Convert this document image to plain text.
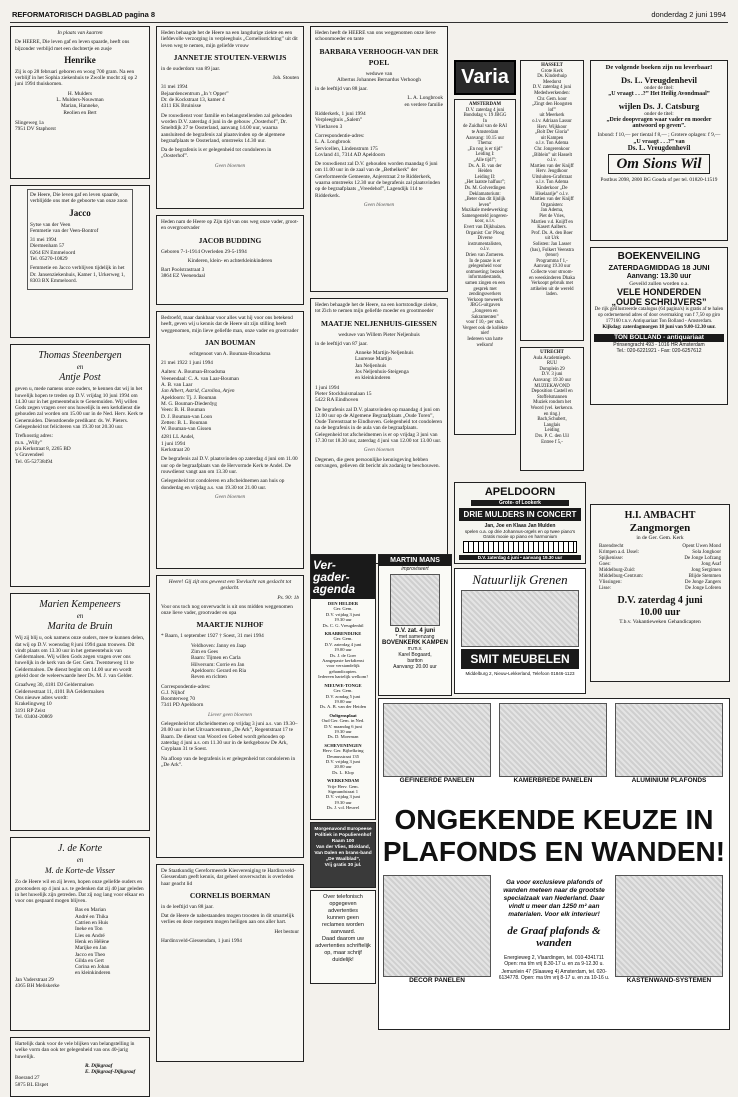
REFORMATORISCH DAGBLAD pagina 8	donderdag 2 juni 1994

In plaats van kaarten

De HEERE, Die leven gaf en leven spaarde, heeft ons bijzonder verblijd met een dochtertje en zusje

Henrike

Zij is op 28 februari geboren en woog 700 gram. Na een verblijf in het Sophia ziekenhuis te Zwolle mocht zij op 2 juni 1994 thuiskomen.

H. Mulders
L. Mulders-Nouwman
Marian, Hanneke,
Reolien en Bert

Slingeweg 1a
7951 DV Staphorst

De Heere, Die leven gaf en leven spaarde, verblijdde ons met de geboorte van onze zoon

Jacco

Sytse van der Veen
Femmetie van der Veen-Bontrof

31 mei 1994
Diermenham 57
6264 EN Emmeloord
Tel. 05270-10829

Femmetie en Jacco verblijven tijdelijk in het Dr. Jansenziekenhuis, Kamer 1, Urkerweg 1, 8303 BX Emmeloord.

Thomas Steenbergen
en
Antje Post

geven u, mede namens onze ouders, te kennen dat wij in het huwelijk hopen te treden op D.V. vrijdag 10 juni 1994 om 14.30 uur in het gemeentehuis te Genemuiden. Wij willen Gods zegen vragen over ons huwelijk in een kerkdienst die gehouden zal worden om 15.00 uur in de Ned. Herv. Kerk te Genemuiden. Dienstdoende predikant: ds. W. Pieters. Gelegenheid tot feliciteren van 19.30 tot 20.30 uur.

Trefkosstig adres:
m.n. „Willy”
p/a Kerkstraat 8, 2265 BD
's Gravendeel
Tel. 05-52738494

Marien Kempeneers
en
Marita de Bruin

Wij zij blij u, ook namens onze ouders, mee te kunnen delen, dat wij op D.V. woensdag 8 juni 1994 gaan trouwen. Dit vindt plaats om 13.30 uur in het gemeentehuis van Geldermalsen. Wij willen Gods zegen vragen over ons huwelijk in de kerk van de Ger. Gem. Twentseweg 11 te Geldermalsen. De dienst begint om 14.00 uur en wordt geleid door de weleerwaarde heer Ds. M. J. van Gelder.

Graafweg 30, 4181 DJ Geldermalsen
Geldersestraat 11, 4101 BA Geldermalsen
Ons nieuwe adres wordt:
Krakelingweg 10
3191 RP Zeist
Tel. 03404-20869

J. de Korte
en
M. de Korte-de Visser

Zo de Heere wil en zij leven, hopen onze geliefde ouders en grootouders op 4 juni a.s. te gedenken dat zij 40 jaar geleden in het huwelijk zijn getreden. Dat zij nog lang voor elkaar en voor ons gespaard mogen blijven.

Bas en Marian
André en Thika
Catrien en Huis
Ineke en Ton
Lies en André
Henk en Hélène
Marijke en Jan
Jacco en Theo
Gilda en Gert
Corina en Johan
en kleinkinderen

Jan Vaderstraat 29
4365 BH Meliskerke

Hartelijk dank voor de vele blijken van belangstelling in welke vorm dan ook ter gelegenheid van ons 40-jarig huwelijk.

R. Dijkgraaf
E. Dijkgraaf-Dijkgraaf

Boerand 27
5875 BL Elspet

Heden behaagde het de Heere na een langdurige ziekte en een liefdevolle verzorging in verpleeghuis „Cornelisstichting” uit dit leven weg te nemen, mijn geliefde vrouw

JANNETJE STOUTEN-VERWIJS

in de ouderdom van 89 jaar.

Joh. Stouten

31 mei 1994
Bejaardencentrum „In 't Opper”
Dr. de Kockstraat 13, kamer 4
4311 EK Bruinisse

De rouwdienst voor familie en belangstellenden zal gehouden worden D.V. zaterdag 4 juni in de gebouw „Oosterhof”, Dr. Smeltdijk 27 te Oosterland, aanvang 14.00 uur, waarna aansluitend de begrafenis zal plaatsvinden op de algemene begraafplaats te Oosterland, omstreeks 14.30 uur.

Da de begrafenis is er gelegenheid tot condoleren in „Oosterhof”.

Geen bloemen

Heden nam de Heere op Zijn tijd van ons weg onze vader, groot- en overgrootvader

JACOB BUDDING

Geboren 7-1-1914 Overleden 29-5-1994

Kinderen, klein- en achterkleinkinderen

Bart Poolstrastraat 3
3864 EZ Veenendaal

Bedroefd, maar dankbaar voor alles wat hij voor ons betekend heeft, geven wij u kennis dat de Heere uit zijn stilling heeft weggenomen, mijn lieve geliefde man, onze vader en grootvader

JAN BOUMAN

echtgenoot van A. Bouman-Broadsma

21 mei 1922 1 juni 1994

Aalten: A. Bouman-Broadsma
Veenendaal: C. A. van Laar-Bouman
A. B. van Laar
Jan Albert, Astrid, Carolina, Arjen
Apeldoorn: Tj. J. Bouman
M. G. Bouman-Diederdyg
Veen: B. H. Bouman
D. J. Bouman-van Loon
Zetten: B. L. Bouman
W. Bouman-van Gissen

4281 LL Andel,
1 juni 1994
Kerkstraat 20

De begrafenis zal D.V. plaatsvinden op zaterdag 4 juni om 11.00 uur op de begraafplaats van de Hervormde Kerk te Andel. De rouwdienst vangt aan om 13.30 uur.

Gelegenheid tot condoleren en afscheidnemen aan huis op donderdag en vrijdag a.s. van 19.30 tot 21.00 uur.

Geen bloemen

Heere! Gij zijt ons geweest een Toevlucht van geslacht tot geslacht.

Ps. 90: 1b

Voor ons toch nog onverwacht is uit ons midden weggenomen onze lieve vader, grootvader en opa

MAARTJE NIJHOF

* Baarn, 1 september 1927 † Soest, 31 mei 1994

Veldhoven: Janny en Jaap
Zim en Gees
Baarn: Tijmen en Carla
Hilversum: Corrie en Jan
Apeldoorn: Gerard en Ria
Reven en richten

Correspondentie-adres:
G.J. Nijhof
Boomterweg 70
7341 PD Apeldoorn

Liever geen bloemen

Gelegenheid tot afscheidnemen op vrijdag 3 juni a.s. van 19.30–20.00 uur in het Uitvaartcentrum „De Ark”, Regentstraat 17 te Baarn. De dienst van Woord en Gebed wordt gehouden op zaterdag 4 juni a.s. om 11.30 uur in de kerkgebouw De Ark, Cuyplaan 31 te Soest.

Na afloop van de begrafenis is er gelegenheid tot condoleren in „De Ark”.

De Staatkundig Gereformeerde Kiesvereniging te Hardinxveld-Giessendam geeft kennis, dat geheel onverwachts is overleden haar geacht lid

CORNELIS BOERMAN

in de leeftijd van 88 jaar.

Dat de Heere de nabestaanden mogen troosten in dit smartelijk verlies en deze roepstem mogen heiligen aan ons aller hart.

Het bestuur

Hardinxveld-Giessendam, 1 juni 1994

Heden heeft de HEERE van ons weggenomen onze lieve schoonmoeder en tante

BARBARA VERHOOGH-VAN DER POEL

weduwe van
Albertus Johannes Bernardus Verhoogh

in de leeftijd van 88 jaar.

L. A. Longbrook
en verdere familie

Ridderkerk, 1 juni 1994
Verpleegjtuis „Salem”
Vliethaven 3

Correspondentie-adres:
L. A. Longbrook
Servicellen, Lindenstrum 175
Lovland 41, 7314 AD Apeldoorn

De rouwdienst zal D.V. gehouden worden maandag 6 juni om 11.00 uur in de zaal van de „Bethelkerk” der Gereformeerde Gemeente, Anjerstraat 2 te Ridderkerk, waarna omstreeks 12.30 uur de begrafenis zal plaatsvinden op de begraafplaats „Vreedehof”, Lagendijk 114 te Ridderkerk.

Geen bloemen

Heden behaagde het de Heere, na een kortstondige ziekte, tot Zich te nemen mijn geliefde moeder en grootmoeder

MAATJE NELJENHUIS-GIESSEN

weduwe van Willem Pieter Neljenhuis

in de leeftijd van 87 jaar.

Anneke Martijn-Neljenhuis
Laurense Martijn
Jan Neljenhuis
Jos Neljenhuis-Steigenga
en kleinkinderen

1 juni 1994
Pieter Stockhuismalaan 15
5422 RA Eindhoven

De begrafenis zal D.V. plaatsvinden op maandag 4 juni om 12.00 uur op de Algemene Begraafplaats „Oude Toren”, Oude Torenstraat te Eindhoven. Gelegenheid tot condoleren na de begrafenis in de aula van de begraafplaats. Gelegenheid tot afscheidnemen is er op vrijdag 3 juni van 17.30 tot 18.30 uur, zaterdag 4 juni van 12.00 tot 13.00 uur.

Geen bloemen

Degenen, die geen persoonlijke kennisgeving hebben ontvangen, gelieven dit bericht als zodanig te beschouwen.

Varia
AMSTERDAM
D.V. zaterdag 4 juni
Bondsdag v. 19 JBGG
In
de Zuidhal van de RAI
te Amsterdam
Aanvang: 10.15 uur
Thema:
„En nog is er tijd”
Leiding I:
„Alle tijd!”;
Ds. A. B. van der
Heiden
Leiding II:
„Het laatste halfuur”;
Ds. M. Golverdingen
Deklamatorium:
„Beter dan dit lijnlijk
leven”
Muzikale medewerking:
Samengesteld jongeren-
koor, o.l.v.
Evert van Dijkhuizen.
Organist: Cor Ploog
Diverse
instrumentalisten,
o.l.v.
Drien van Zomeren.
In de pauze is er
gelegenheid voor
ontmoeting; bezoek
informatiestands,
samen zingen en een
gesprek met
zendingswerkers
Verkoop toeweerls
JBGG-uitgaven
„Jongeren en
Sakramenten”
voor f 10,- per stuk.
Vergeet ook de kollekte
niet!
Iedereen van harte
welkom!
HASSELT
Grote Kerk
Ds. Kinderhuip
Meedorst
D.V. zaterdag 4 juni
Mededwerkenden:
Chr. Gem. koor
„Zingt den Hoogsten
lof”
uit Meerkerk
o.l.v. Adriaan Lassur
Herv. Wijkkoor
„Bolt Der Gloria”
uit Kampen
o.l.v. Ton Adema
Chr. Jongerenkoor
„Biblein” uit Hasselt
o.l.v.
Martien van der Knijff
Herv. Jeugdkoor
Uitsluiten-Grafstraat
o.l.v. Ton Adema
Kinderkoor „De
Hiselaarije” o.l.v.
Martien van der Knijff
Organisten:
Jan Adema,
Piet de Vries,
Martien v.d. Knijff en
Kasert Aalbers.
Prof. Ds. A. den Boer
uit Urk
Solisten: Jan Lasser
(bas), Folkert Veenstra
(tenor)
Programma f 1,-
Aanvang 19.30 uur
Collecte voor stroom-
en weeskinderen Dhaka
Verkoopt gebruik met
artikelen uit de wereld
laden.
UTRECHT
Aula Academiegeb.
RUU
Domplein 29
D.V. 3 juni
Aanvang: 19.30 uur
MUZIEKAVOND
Deposition Castell en
Stoffelsmannen
Muziek rondom het
Woord (vel. kerkenco.
en ring.)
Bach,Schubert,
Langlais
Leiding
Drs. P. C. den Uil
Entree f 5,-
APELDOORN
Grote- of Lookerk
DRIE MULDERS IN CONCERT
Jan, Joe en Klaas Jan Mulden
spelen o.a. op drie Johannus-orgels en op twee piano's
Gratis mooie op piano en harmonium
D.V. zaterdag 4 juni • aanvang 19.30 uur
Ver- gader- agenda
DEN HELDER
Ger. Gem.
D.V. vrijdag 3 juni
19.30 uur
Ds. C. G. Vreugdenhil
KRABBENDIJKE
Ger. Gem.
D.V. zaterdag 4 juni
19.00 uur
Ds. J. de Goer
Aangepaste kerkdienst
voor verstandelijk
gehandicapten.
Iedereen hartelijk welkom!
NIEUWE-TONGE
Ger. Gem.
D.V. zondag 5 juni
19.00 uur
Ds. A. B. van der Heiden
Ooltgensplaat
Oud Ger. Gem. in Ned.
D.V. maandag 6 juni
19.30 uur
Ds. D. Moerman
SCHEVENINGEN
Herv. Ger. Bijbelkring
Deunusstraat 135
D.V. vrijdag 3 juni
20.00 uur
Ds. L. Klop
WERKENDAM
Vrije Herv. Gem.
Sigmundstraat 1
D.V. vrijdag 3 juni
19.30 uur
Ds. J. v.d. Heuvel
MARTIN MANS
improviseert
D.V. zat. 4 juni
* met samenzang
BOVENKERK KAMPEN
m.m.v.
Karel Bogaard,
bariton
Aanvang: 20.00 uur
Morgenavond Europeese
Politiek in Populierenhof
Raam 100
Van der Vlies, Blokland,
Van Dalen en brans-band
„De Waalblad”,
Vrij gratis 30 jul.
Over telefonisch
opgegeven
advertenties
kunnen geen
reclames worden
aanvaard.
Daad daarom uw
advertenties schriftelijk
op, maar schrijf
duidelijk!
Natuurlijk Grenen
SMIT MEUBELEN
Middelburg 2, Nieuw-Lekkerland, Telefoon 01846-1123
De volgende boeken zijn nu leverbaar!
Ds. L. Vreugdenhevil
onder de titel:
„U vraagt . . .?” Het Heilig Avondmaal”
wijlen Ds. J. Catsburg
onder de titel:
„Drie doopvragen waar vader en moeder antwoord op geven”.
Inbond: f 10,— per tiental f 8,— ; Grotere oplagen: f 9,—
„U vraagt . . .?” van
Ds. L. Vreugdenhevil
Om Sions Wil
Postbus 2098, 2800 BG Gouda of per tel. 01820-11519
BOEKENVEILING
ZATERDAGMIDDAG 18 JUNI
Aanvang: 13.30 uur
Geveild zullen worden o.a.
VELE HONDERDEN
„OUDE SCHRIJVERS”
De rijk geillustreerde catalogus (64 pagina's) is gratis af te halen op ordernemend adres of door overmaking van f 7,50 op giro 177160 t.n.v. Antiquariaat Ton Bolland - Amsterdam.
Kijkdag: zaterdagmorgen 18 juni van 9.00-12.30 uur.
TON BOLLAND - antiquariaat
Prinsengracht 493 - 1016 HR Amsterdam
Tel.: 020-6221921 - Fax: 020-6257612
H.I. AMBACHT
Zangmorgen
in de Ger. Gem. Kerk
Barendrecht	Opent Uwen Mond
Krimpen a.d. IJssel:	Sola Jongkoor
Spijkenisse:	De Jonge Lofzang
Goes:	Jong Asaf
Middelburg-Zuid:	Jong Sergimen
Middelburg-Centrum:	Blijde Stemmen
Vlissingen:	De Jonge Zangers
Lisse:	De Jonge Loferen
D.V. zaterdag 4 juni
10.00 uur
T.b.v. Vakantieweken Gehandicapten
GEFINEERDE PANELEN	KAMERBREDE PANELEN	ALUMINIUM PLAFONDS
ONGEKENDE KEUZE IN
PLAFONDS EN WANDEN!
DECOR PANELEN
Ga voor exclusieve plafonds of wanden meteen naar de grootste specialzaak van Nederland. Daar vindt u meer dan 1250 m² aan materialen. Voor elk interieur!
de Graaf plafonds & wanden
Energieweg 2, Vlaardingen, tel. 010-4341711
Open: ma t/m vrij 8.30-17 u. en za 9-12.30 u.
Jemunlein 47 (Slaaweg 4) Amsterdam, tel. 020-6134778. Open: ma t/m vrij 8-17 u. en za 10-16 u.	KASTENWAND-SYSTEMEN
